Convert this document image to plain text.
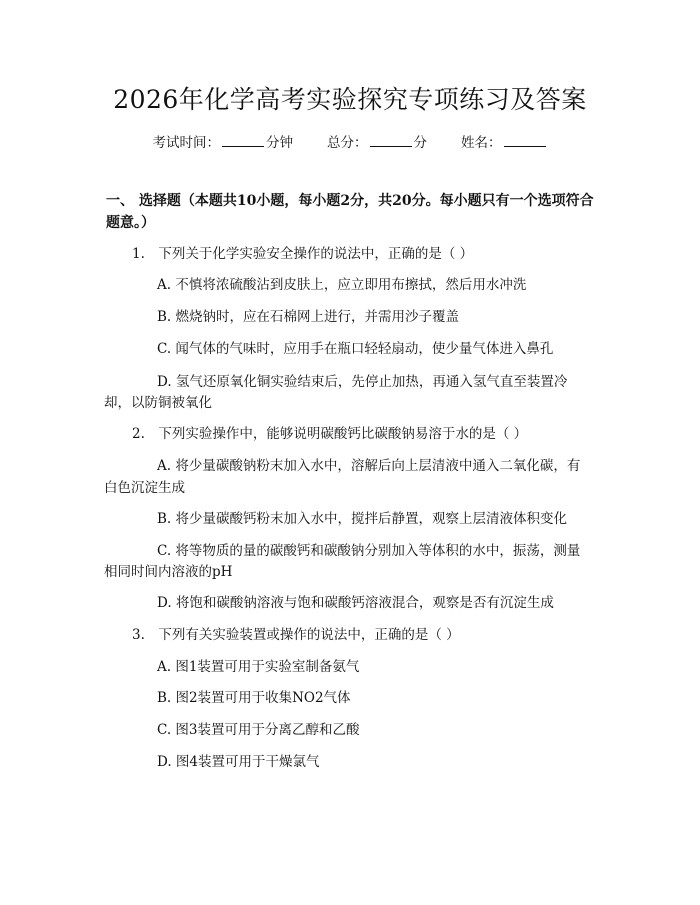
2026年化学高考实验探究专项练习及答案
考试时间：	分钟	总分：	分	姓名：
一、 选择题（本题共10小题，每小题2分，共20分。每小题只有一个选项符合题意。）
1.　下列关于化学实验安全操作的说法中，正确的是（ ）
A. 不慎将浓硫酸沾到皮肤上，应立即用布擦拭，然后用水冲洗
B. 燃烧钠时，应在石棉网上进行，并需用沙子覆盖
C. 闻气体的气味时，应用手在瓶口轻轻扇动，使少量气体进入鼻孔
D. 氢气还原氧化铜实验结束后，先停止加热，再通入氢气直至装置冷
却，以防铜被氧化
2.　下列实验操作中，能够说明碳酸钙比碳酸钠易溶于水的是（ ）
A. 将少量碳酸钠粉末加入水中，溶解后向上层清液中通入二氧化碳，有
白色沉淀生成
B. 将少量碳酸钙粉末加入水中，搅拌后静置，观察上层清液体积变化
C. 将等物质的量的碳酸钙和碳酸钠分别加入等体积的水中，振荡，测量
相同时间内溶液的pH
D. 将饱和碳酸钠溶液与饱和碳酸钙溶液混合，观察是否有沉淀生成
3.　下列有关实验装置或操作的说法中，正确的是（ ）
A. 图1装置可用于实验室制备氨气
B. 图2装置可用于收集NO2气体
C. 图3装置可用于分离乙醇和乙酸
D. 图4装置可用于干燥氯气
